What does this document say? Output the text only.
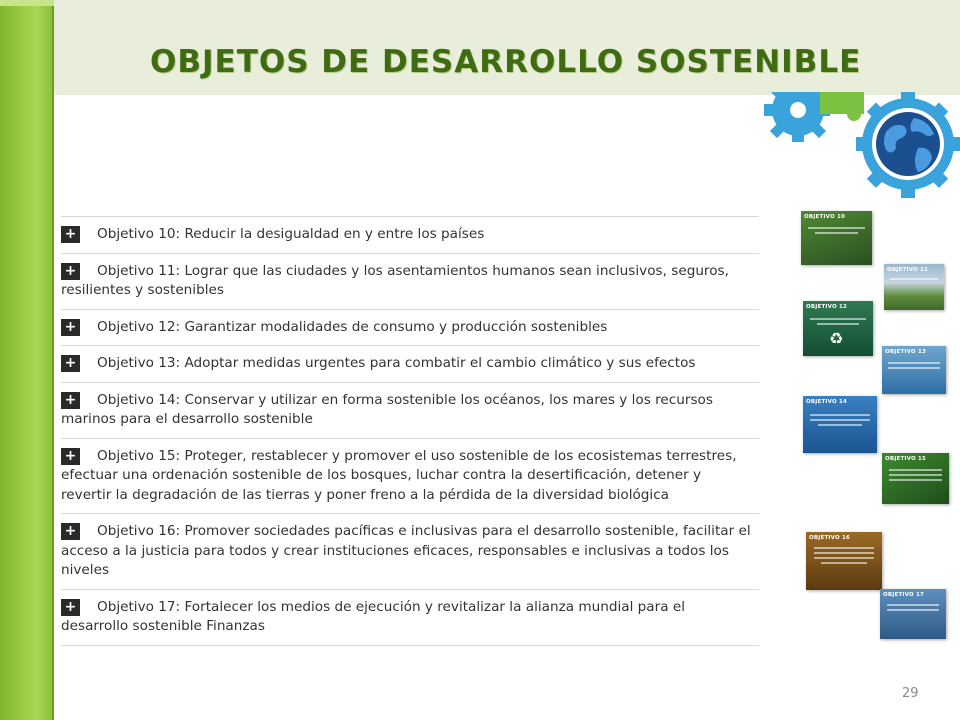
OBJETOS DE DESARROLLO SOSTENIBLE
+ Objetivo 10: Reducir la desigualdad en y entre los países
+ Objetivo 11: Lograr que las ciudades y los asentamientos humanos sean inclusivos, seguros, resilientes y sostenibles
+ Objetivo 12: Garantizar modalidades de consumo y producción sostenibles
+ Objetivo 13: Adoptar medidas urgentes para combatir el cambio climático y sus efectos
+ Objetivo 14: Conservar y utilizar en forma sostenible los océanos, los mares y los recursos marinos para el desarrollo sostenible
+ Objetivo 15: Proteger, restablecer y promover el uso sostenible de los ecosistemas terrestres, efectuar una ordenación sostenible de los bosques, luchar contra la desertificación, detener y revertir la degradación de las tierras y poner freno a la pérdida de la diversidad biológica
+ Objetivo 16: Promover sociedades pacíficas e inclusivas para el desarrollo sostenible, facilitar el acceso a la justicia para todos y crear instituciones eficaces, responsables e inclusivas a todos los niveles
+ Objetivo 17: Fortalecer los medios de ejecución y revitalizar la alianza mundial para el desarrollo sostenible Finanzas
OBJETIVO 10
OBJETIVO 11
OBJETIVO 12
♻
OBJETIVO 13
OBJETIVO 14
OBJETIVO 15
OBJETIVO 16
OBJETIVO 17
29
